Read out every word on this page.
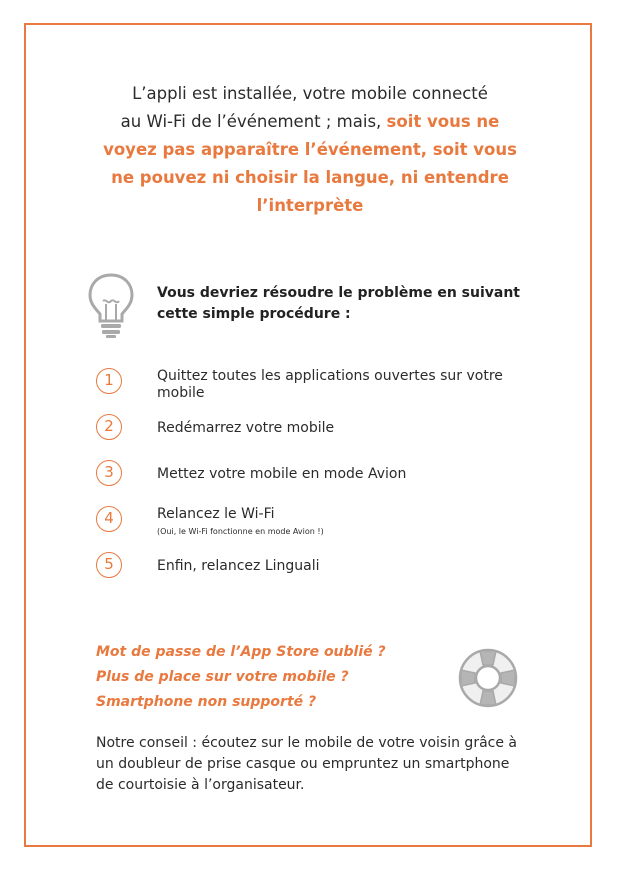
L’appli est installée, votre mobile connecté
au Wi-Fi de l’événement ; mais, soit vous ne
voyez pas apparaître l’événement, soit vous
ne pouvez ni choisir la langue, ni entendre
l’interprète
Vous devriez résoudre le problème en suivant
cette simple procédure :
1	Quittez toutes les applications ouvertes sur votre mobile
2	Redémarrez votre mobile
3	Mettez votre mobile en mode Avion
4	Relancez le Wi-Fi
(Oui, le Wi-Fi fonctionne en mode Avion !)
5	Enfin, relancez Linguali
Mot de passe de l’App Store oublié ?
Plus de place sur votre mobile ?
Smartphone non supporté ?
Notre conseil : écoutez sur le mobile de votre voisin grâce à
un doubleur de prise casque ou empruntez un smartphone
de courtoisie à l’organisateur.
